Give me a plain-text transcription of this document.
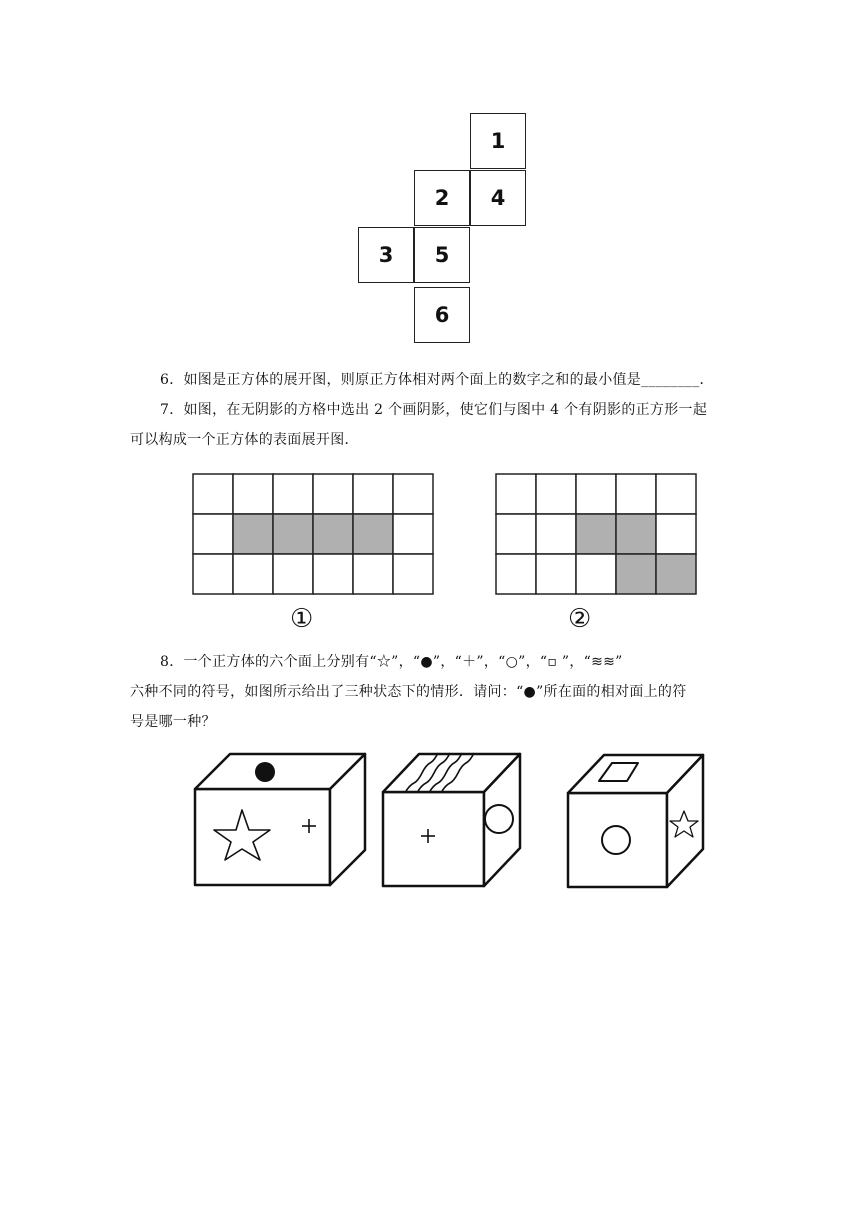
1
2	4
3	5
6
6．如图是正方体的展开图，则原正方体相对两个面上的数字之和的最小值是________．
7．如图，在无阴影的方格中选出 2 个画阴影，使它们与图中 4 个有阴影的正方形一起
可以构成一个正方体的表面展开图．
①	②
8．一个正方体的六个面上分别有“☆”，“●”，“＋”，“○”，“▫ ”，“≋≋”
六种不同的符号，如图所示给出了三种状态下的情形．请问：“●”所在面的相对面上的符
号是哪一种？
